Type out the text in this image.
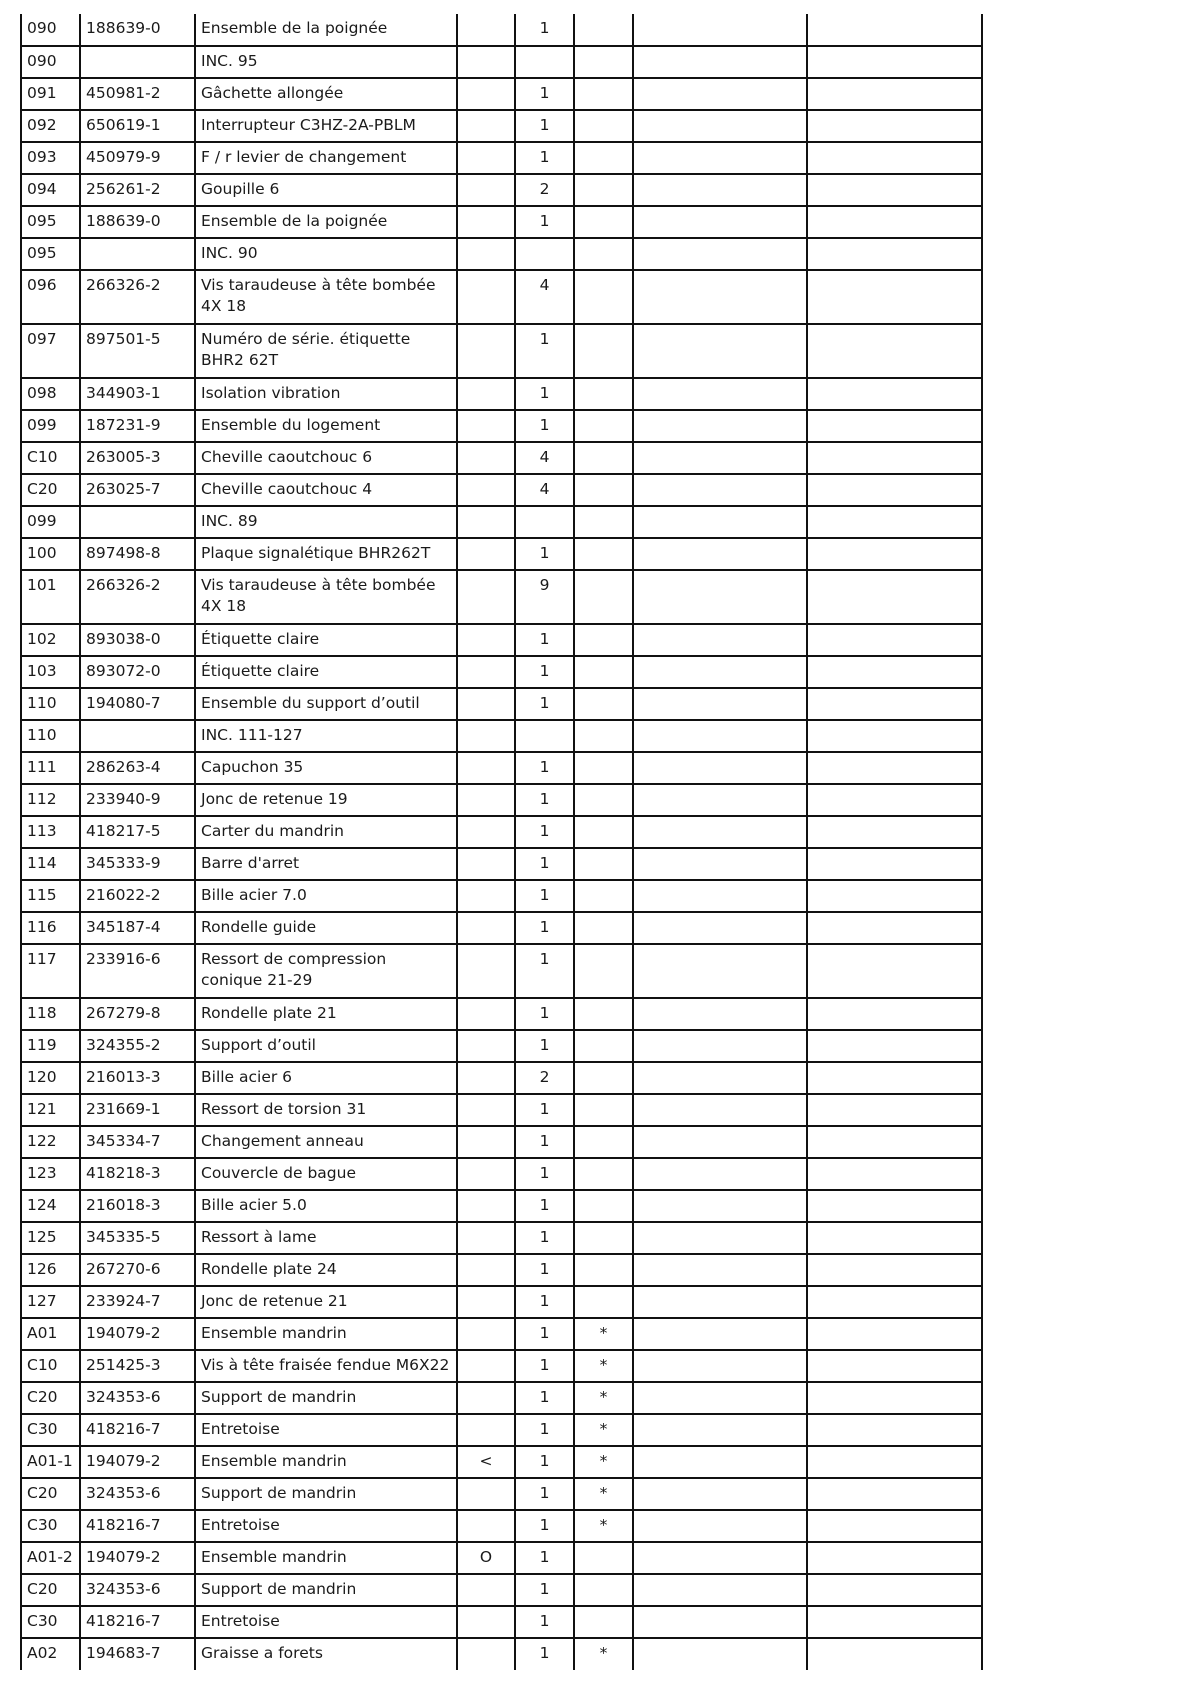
090	188639-0	Ensemble de la poignée		1			
090		INC. 95					
091	450981-2	Gâchette allongée		1			
092	650619-1	Interrupteur C3HZ-2A-PBLM		1			
093	450979-9	F / r levier de changement		1			
094	256261-2	Goupille 6		2			
095	188639-0	Ensemble de la poignée		1			
095		INC. 90					
096	266326-2	Vis taraudeuse à tête bombée 4X 18		4			
097	897501-5	Numéro de série. étiquette BHR2 62T		1			
098	344903-1	Isolation vibration		1			
099	187231-9	Ensemble du logement		1			
C10	263005-3	Cheville caoutchouc 6		4			
C20	263025-7	Cheville caoutchouc 4		4			
099		INC. 89					
100	897498-8	Plaque signalétique BHR262T		1			
101	266326-2	Vis taraudeuse à tête bombée 4X 18		9			
102	893038-0	Étiquette claire		1			
103	893072-0	Étiquette claire		1			
110	194080-7	Ensemble du support d’outil		1			
110		INC. 111-127					
111	286263-4	Capuchon 35		1			
112	233940-9	Jonc de retenue 19		1			
113	418217-5	Carter du mandrin		1			
114	345333-9	Barre d'arret		1			
115	216022-2	Bille acier 7.0		1			
116	345187-4	Rondelle guide		1			
117	233916-6	Ressort de compression conique 21-29		1			
118	267279-8	Rondelle plate 21		1			
119	324355-2	Support d’outil		1			
120	216013-3	Bille acier 6		2			
121	231669-1	Ressort de torsion 31		1			
122	345334-7	Changement anneau		1			
123	418218-3	Couvercle de bague		1			
124	216018-3	Bille acier 5.0		1			
125	345335-5	Ressort à lame		1			
126	267270-6	Rondelle plate 24		1			
127	233924-7	Jonc de retenue 21		1			
A01	194079-2	Ensemble mandrin		1	*		
C10	251425-3	Vis à tête fraisée fendue M6X22		1	*		
C20	324353-6	Support de mandrin		1	*		
C30	418216-7	Entretoise		1	*		
A01-1	194079-2	Ensemble mandrin	<	1	*		
C20	324353-6	Support de mandrin		1	*		
C30	418216-7	Entretoise		1	*		
A01-2	194079-2	Ensemble mandrin	O	1			
C20	324353-6	Support de mandrin		1			
C30	418216-7	Entretoise		1			
A02	194683-7	Graisse a forets		1	*		
